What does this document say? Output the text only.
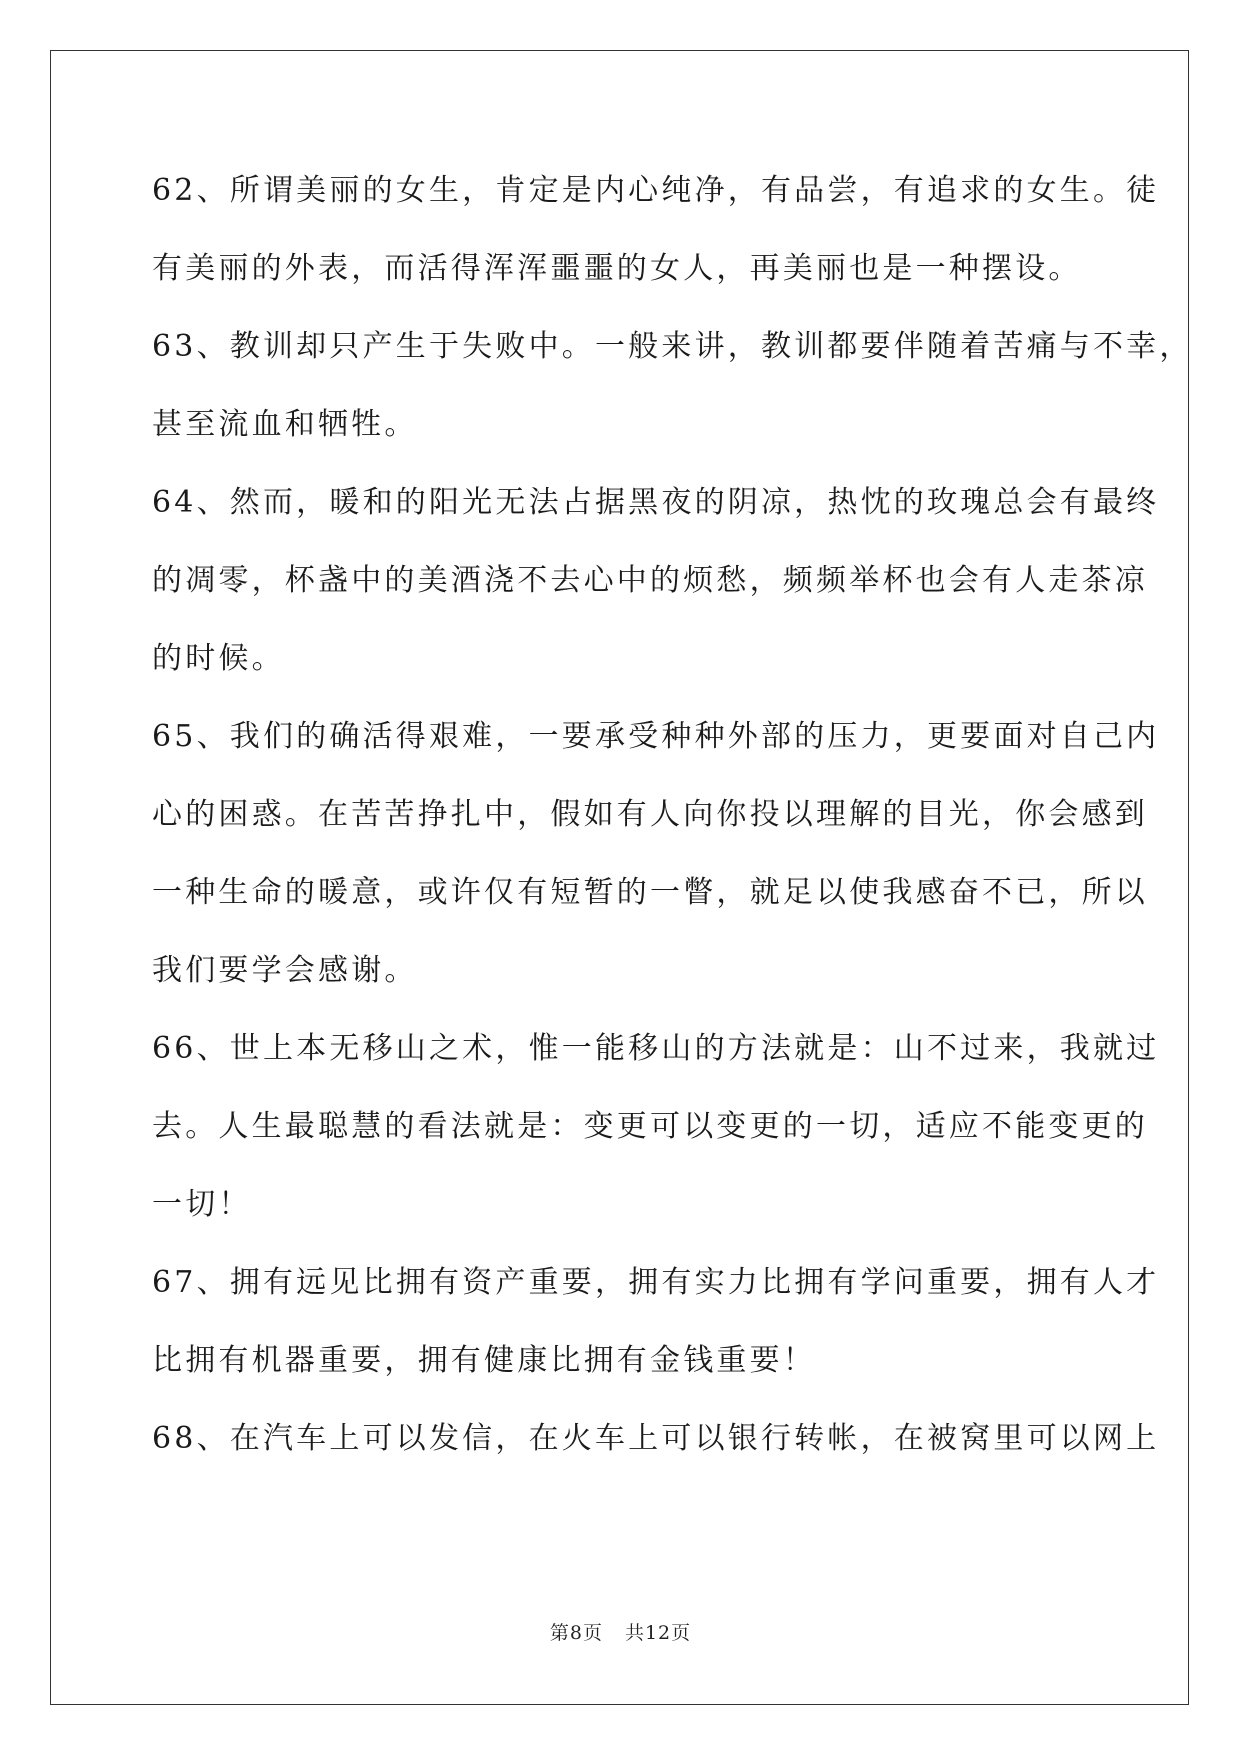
62、所谓美丽的女生，肯定是内心纯净，有品尝，有追求的女生。徒
有美丽的外表，而活得浑浑噩噩的女人，再美丽也是一种摆设。

63、教训却只产生于失败中。一般来讲，教训都要伴随着苦痛与不幸，
甚至流血和牺牲。

64、然而，暖和的阳光无法占据黑夜的阴凉，热忱的玫瑰总会有最终
的凋零，杯盏中的美酒浇不去心中的烦愁，频频举杯也会有人走茶凉
的时候。

65、我们的确活得艰难，一要承受种种外部的压力，更要面对自己内
心的困惑。在苦苦挣扎中，假如有人向你投以理解的目光，你会感到
一种生命的暖意，或许仅有短暂的一瞥，就足以使我感奋不已，所以
我们要学会感谢。

66、世上本无移山之术，惟一能移山的方法就是：山不过来，我就过
去。人生最聪慧的看法就是：变更可以变更的一切，适应不能变更的
一切！

67、拥有远见比拥有资产重要，拥有实力比拥有学问重要，拥有人才
比拥有机器重要，拥有健康比拥有金钱重要！

68、在汽车上可以发信，在火车上可以银行转帐，在被窝里可以网上

第8页 共12页
